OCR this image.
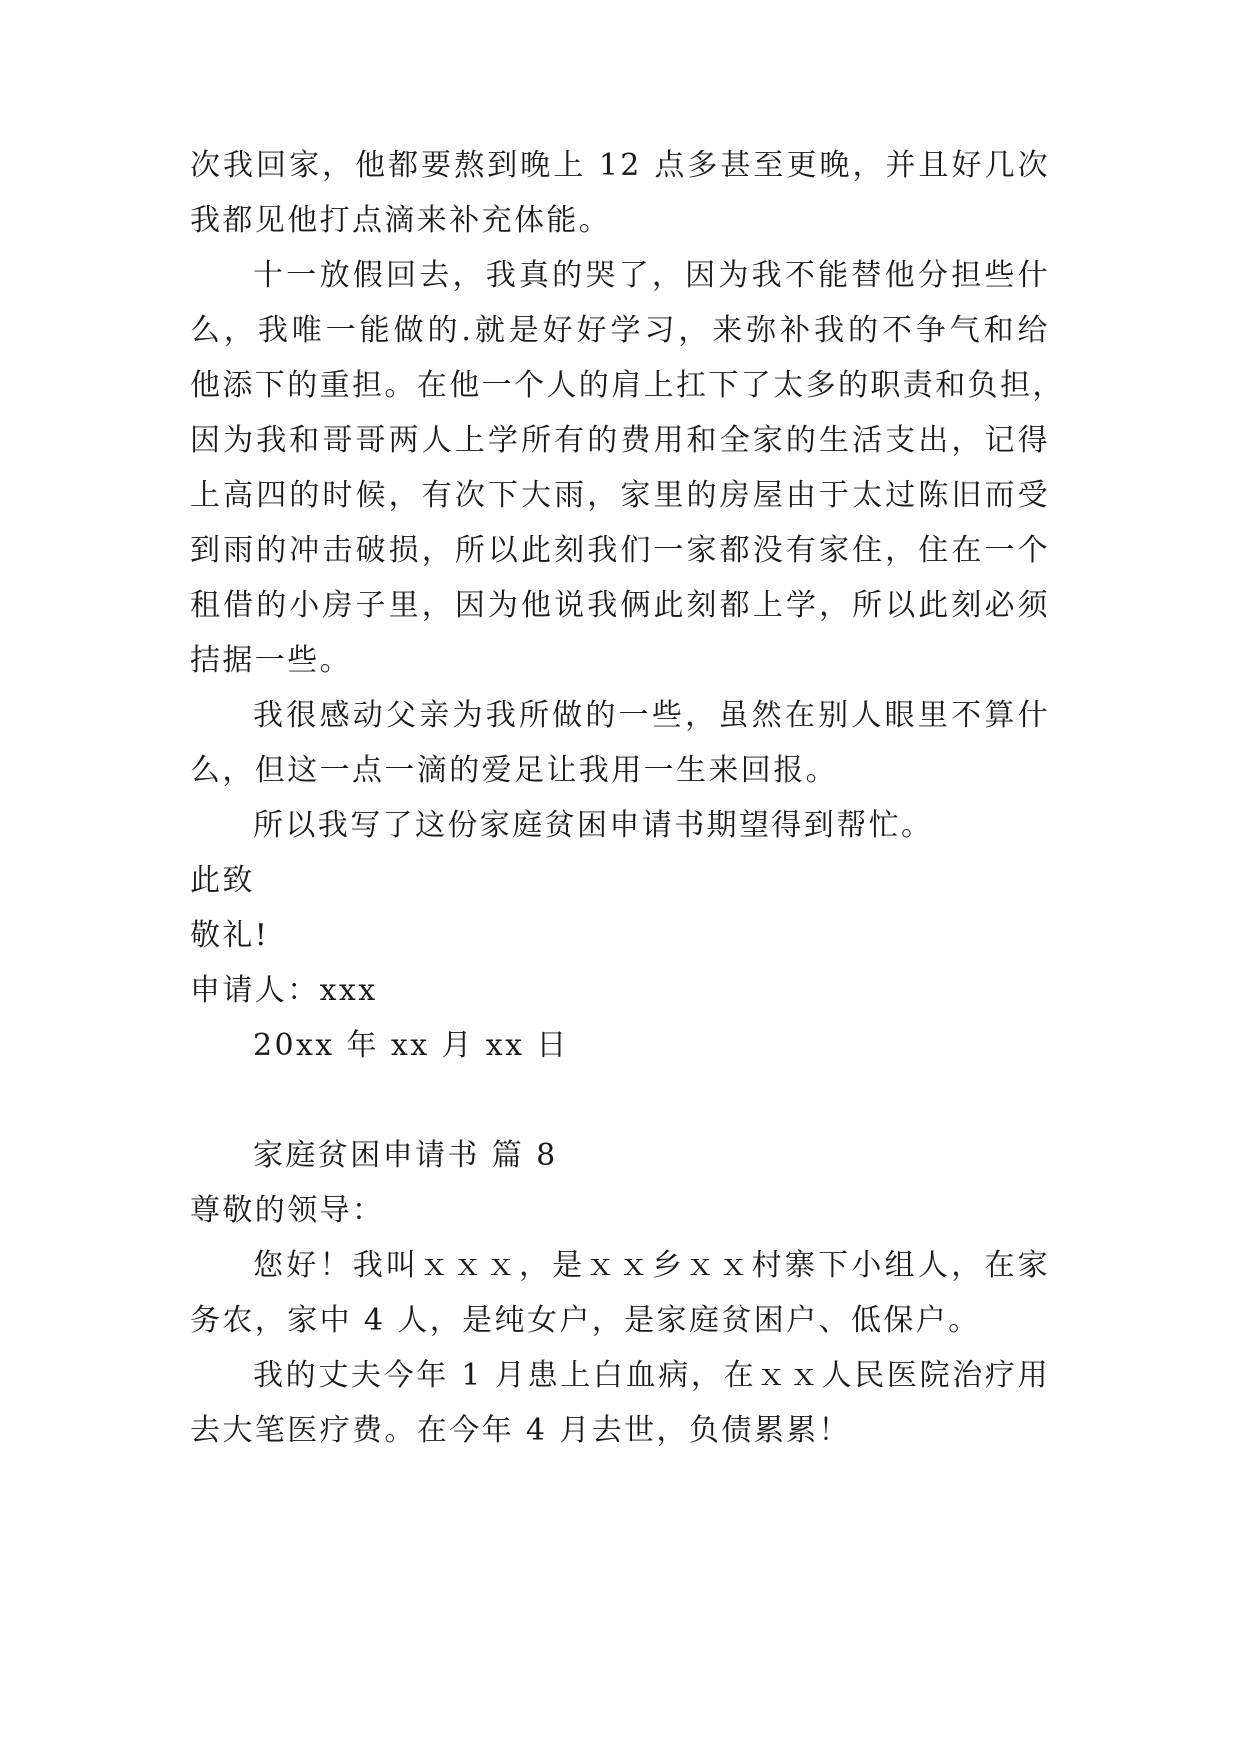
次我回家，他都要熬到晚上 12 点多甚至更晚，并且好几次
我都见他打点滴来补充体能。
十一放假回去，我真的哭了，因为我不能替他分担些什
么，我唯一能做的.就是好好学习，来弥补我的不争气和给
他添下的重担。在他一个人的肩上扛下了太多的职责和负担，
因为我和哥哥两人上学所有的费用和全家的生活支出，记得
上高四的时候，有次下大雨，家里的房屋由于太过陈旧而受
到雨的冲击破损，所以此刻我们一家都没有家住，住在一个
租借的小房子里，因为他说我俩此刻都上学，所以此刻必须
拮据一些。
我很感动父亲为我所做的一些，虽然在别人眼里不算什
么，但这一点一滴的爱足让我用一生来回报。
所以我写了这份家庭贫困申请书期望得到帮忙。
此致
敬礼!
申请人：xxx
20xx 年 xx 月 xx 日
家庭贫困申请书 篇 8
尊敬的领导：
您好！我叫ｘｘｘ，是ｘｘ乡ｘｘ村寨下小组人，在家
务农，家中 4 人，是纯女户，是家庭贫困户、低保户。
我的丈夫今年 1 月患上白血病，在ｘｘ人民医院治疗用
去大笔医疗费。在今年 4 月去世，负债累累！
